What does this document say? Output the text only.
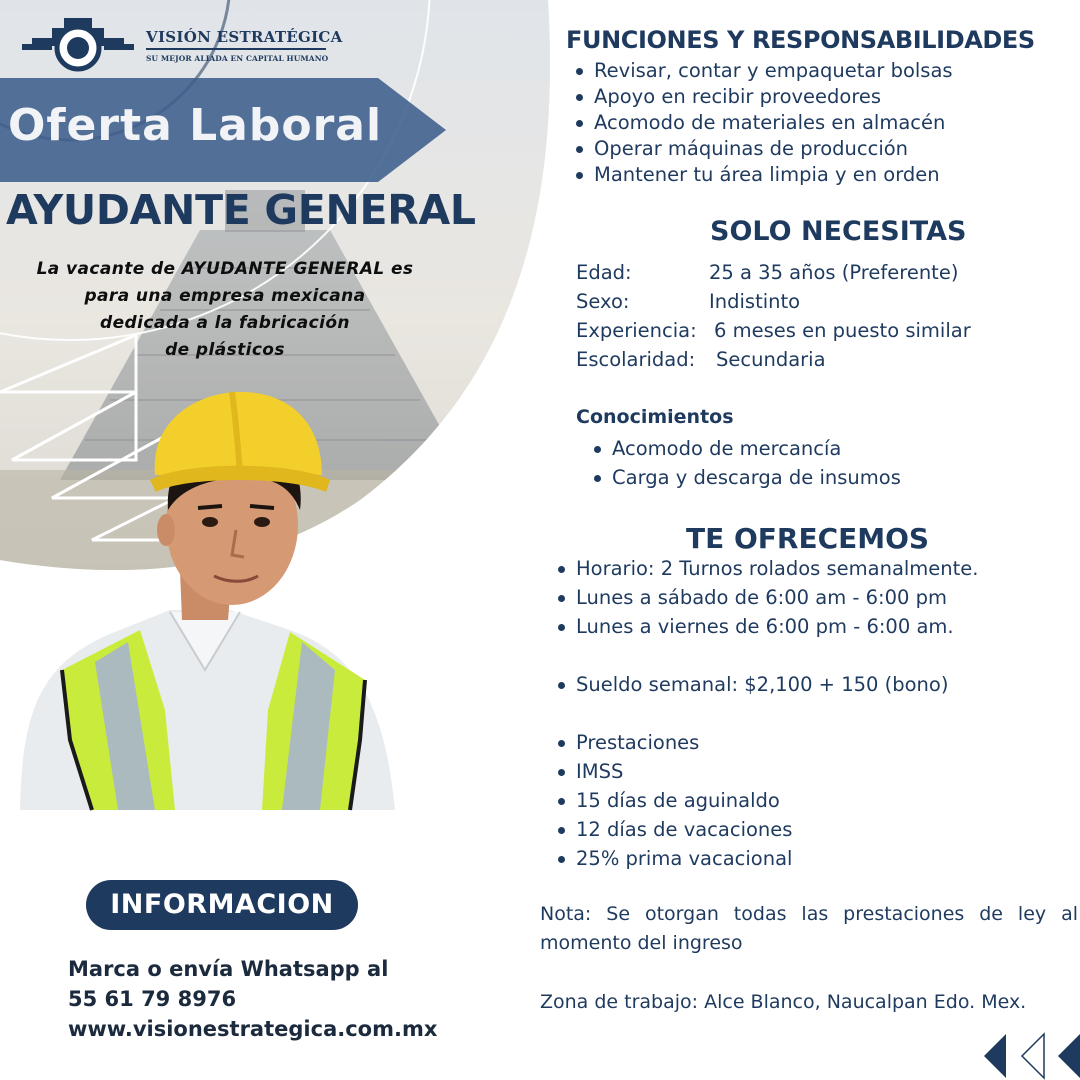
VISIÓN ESTRATÉGICA
SU MEJOR ALIADA EN CAPITAL HUMANO
Oferta Laboral
AYUDANTE GENERAL
La vacante de AYUDANTE GENERAL es
para una empresa mexicana
dedicada a la fabricación
de plásticos
INFORMACION
Marca o envía Whatsapp al
55 61 79 8976
www.visionestrategica.com.mx
FUNCIONES Y RESPONSABILIDADES
Revisar, contar y empaquetar bolsas
Apoyo en recibir proveedores
Acomodo de materiales en almacén
Operar máquinas de producción
Mantener tu área limpia y en orden
SOLO NECESITAS
Edad:	25 a 35 años (Preferente)
Sexo:	Indistinto
Experiencia: 6 meses en puesto similar
Escolaridad: Secundaria
Conocimientos
Acomodo de mercancía
Carga y descarga de insumos
TE OFRECEMOS
Horario: 2 Turnos rolados semanalmente.
Lunes a sábado de 6:00 am - 6:00 pm
Lunes a viernes de 6:00 pm - 6:00 am.
Sueldo semanal: $2,100 + 150 (bono)
Prestaciones
IMSS
15 días de aguinaldo
12 días de vacaciones
25% prima vacacional
Nota: Se otorgan todas las prestaciones de ley al momento del ingreso
Zona de trabajo: Alce Blanco, Naucalpan Edo. Mex.
